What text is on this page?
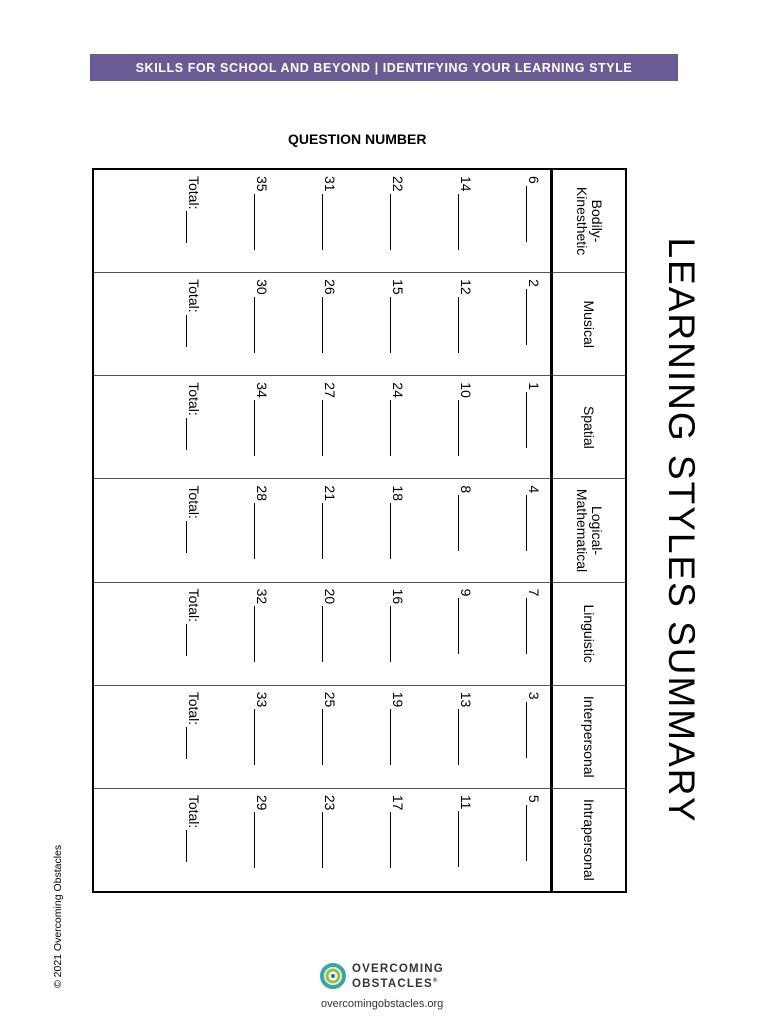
SKILLS FOR SCHOOL AND BEYOND | IDENTIFYING YOUR LEARNING STYLE
QUESTION NUMBER
Bodily-
Kinesthetic
Musical
Spatial
Logical-
Mathematical
Linguistic
Interpersonal
Intrapersonal
6
14
22
31
35
Total:
2
12
15
26
30
Total:
1
10
24
27
34
Total:
4
8
18
21
28
Total:
7
9
16
20
32
Total:
3
13
19
25
33
Total:
5
11
17
23
29
Total:	LEARNING STYLES SUMMARY
© 2021 Overcoming Obstacles	OVERCOMING
OBSTACLES®
overcomingobstacles.org
